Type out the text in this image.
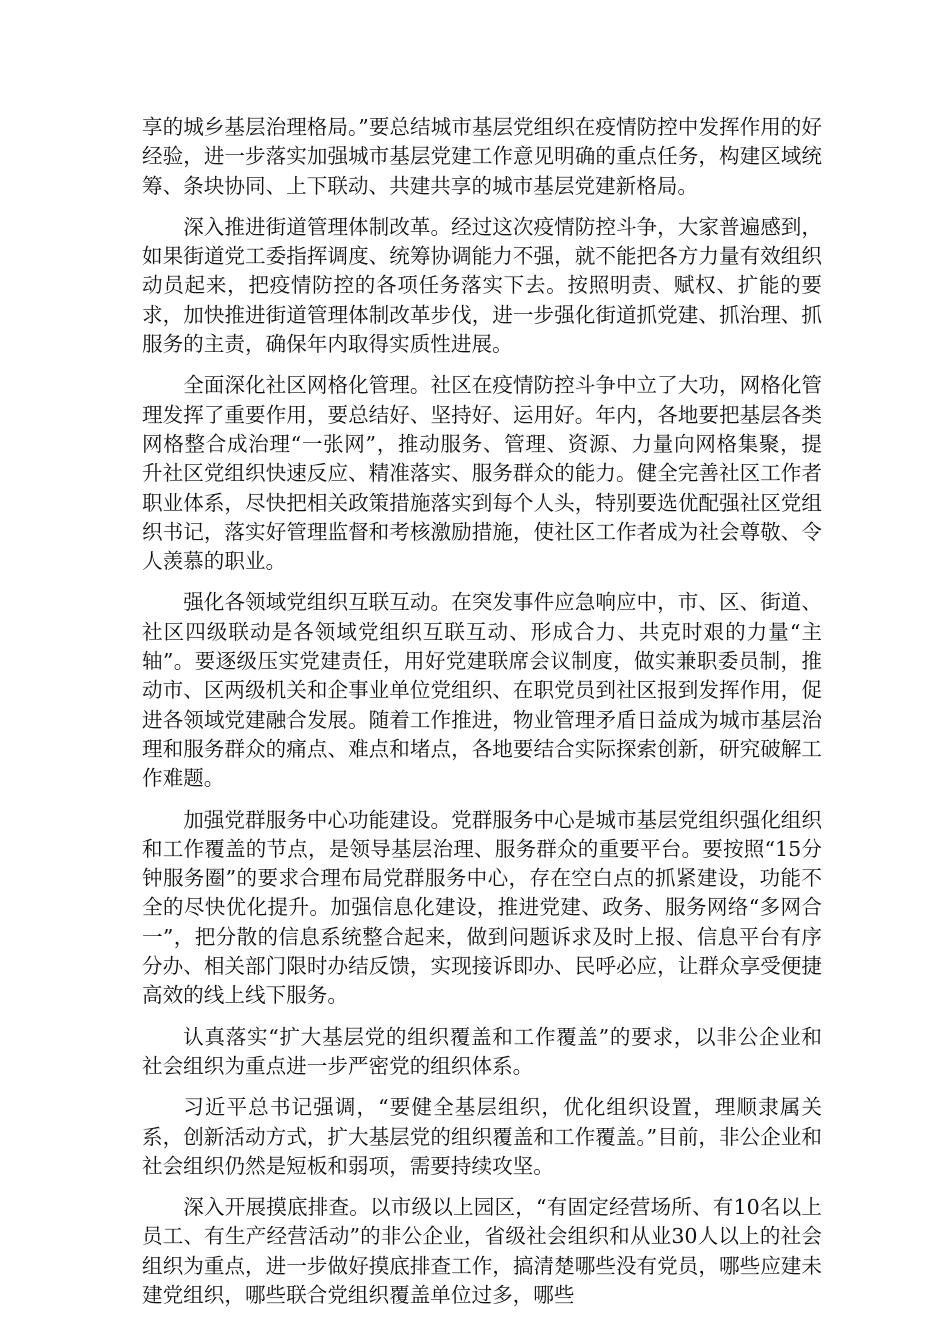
享的城乡基层治理格局。”要总结城市基层党组织在疫情防控中发挥作用的好经验，进一步落实加强城市基层党建工作意见明确的重点任务，构建区域统筹、条块协同、上下联动、共建共享的城市基层党建新格局。

深入推进街道管理体制改革。经过这次疫情防控斗争，大家普遍感到，如果街道党工委指挥调度、统筹协调能力不强，就不能把各方力量有效组织动员起来，把疫情防控的各项任务落实下去。按照明责、赋权、扩能的要求，加快推进街道管理体制改革步伐，进一步强化街道抓党建、抓治理、抓服务的主责，确保年内取得实质性进展。

全面深化社区网格化管理。社区在疫情防控斗争中立了大功，网格化管理发挥了重要作用，要总结好、坚持好、运用好。年内，各地要把基层各类网格整合成治理“一张网”，推动服务、管理、资源、力量向网格集聚，提升社区党组织快速反应、精准落实、服务群众的能力。健全完善社区工作者职业体系，尽快把相关政策措施落实到每个人头，特别要选优配强社区党组织书记，落实好管理监督和考核激励措施，使社区工作者成为社会尊敬、令人羡慕的职业。

强化各领域党组织互联互动。在突发事件应急响应中，市、区、街道、社区四级联动是各领域党组织互联互动、形成合力、共克时艰的力量“主轴”。要逐级压实党建责任，用好党建联席会议制度，做实兼职委员制，推动市、区两级机关和企事业单位党组织、在职党员到社区报到发挥作用，促进各领域党建融合发展。随着工作推进，物业管理矛盾日益成为城市基层治理和服务群众的痛点、难点和堵点，各地要结合实际探索创新，研究破解工作难题。

加强党群服务中心功能建设。党群服务中心是城市基层党组织强化组织和工作覆盖的节点，是领导基层治理、服务群众的重要平台。要按照“15分钟服务圈”的要求合理布局党群服务中心，存在空白点的抓紧建设，功能不全的尽快优化提升。加强信息化建设，推进党建、政务、服务网络“多网合一”，把分散的信息系统整合起来，做到问题诉求及时上报、信息平台有序分办、相关部门限时办结反馈，实现接诉即办、民呼必应，让群众享受便捷高效的线上线下服务。

认真落实“扩大基层党的组织覆盖和工作覆盖”的要求，以非公企业和社会组织为重点进一步严密党的组织体系。

习近平总书记强调，“要健全基层组织，优化组织设置，理顺隶属关系，创新活动方式，扩大基层党的组织覆盖和工作覆盖。”目前，非公企业和社会组织仍然是短板和弱项，需要持续攻坚。

深入开展摸底排查。以市级以上园区，“有固定经营场所、有10名以上员工、有生产经营活动”的非公企业，省级社会组织和从业30人以上的社会组织为重点，进一步做好摸底排查工作，搞清楚哪些没有党员，哪些应建未建党组织，哪些联合党组织覆盖单位过多，哪些
